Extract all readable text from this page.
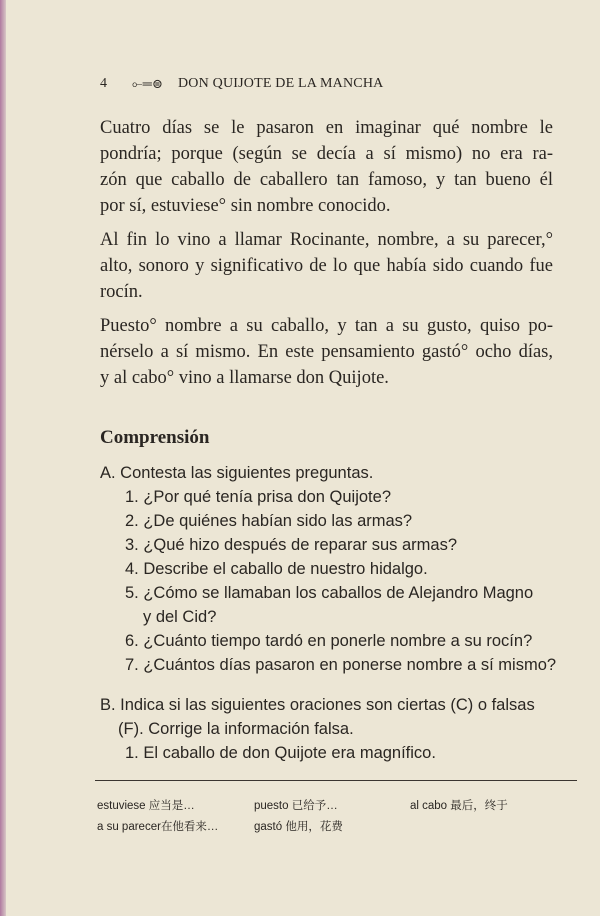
4 ⟜═⊜ DON QUIJOTE DE LA MANCHA
Cuatro días se le pasaron en imaginar qué nombre le
pondría; porque (según se decía a sí mismo) no era ra-
zón que caballo de caballero tan famoso, y tan bueno él
por sí, estuviese° sin nombre conocido.
Al fin lo vino a llamar Rocinante, nombre, a su parecer,°
alto, sonoro y significativo de lo que había sido cuando fue
rocín.
Puesto° nombre a su caballo, y tan a su gusto, quiso po-
nérselo a sí mismo. En este pensamiento gastó° ocho días,
y al cabo° vino a llamarse don Quijote.
Comprensión
A. Contesta las siguientes preguntas.
1. ¿Por qué tenía prisa don Quijote?
2. ¿De quiénes habían sido las armas?
3. ¿Qué hizo después de reparar sus armas?
4. Describe el caballo de nuestro hidalgo.
5. ¿Cómo se llamaban los caballos de Alejandro Magno
y del Cid?
6. ¿Cuánto tiempo tardó en ponerle nombre a su rocín?
7. ¿Cuántos días pasaron en ponerse nombre a sí mismo?
B. Indica si las siguientes oraciones son ciertas (C) o falsas
(F). Corrige la información falsa.
1. El caballo de don Quijote era magnífico.
estuviese 应当是…
a su parecer在他看来…
puesto 已给予…
gastó 他用，花费
al cabo 最后，终于
